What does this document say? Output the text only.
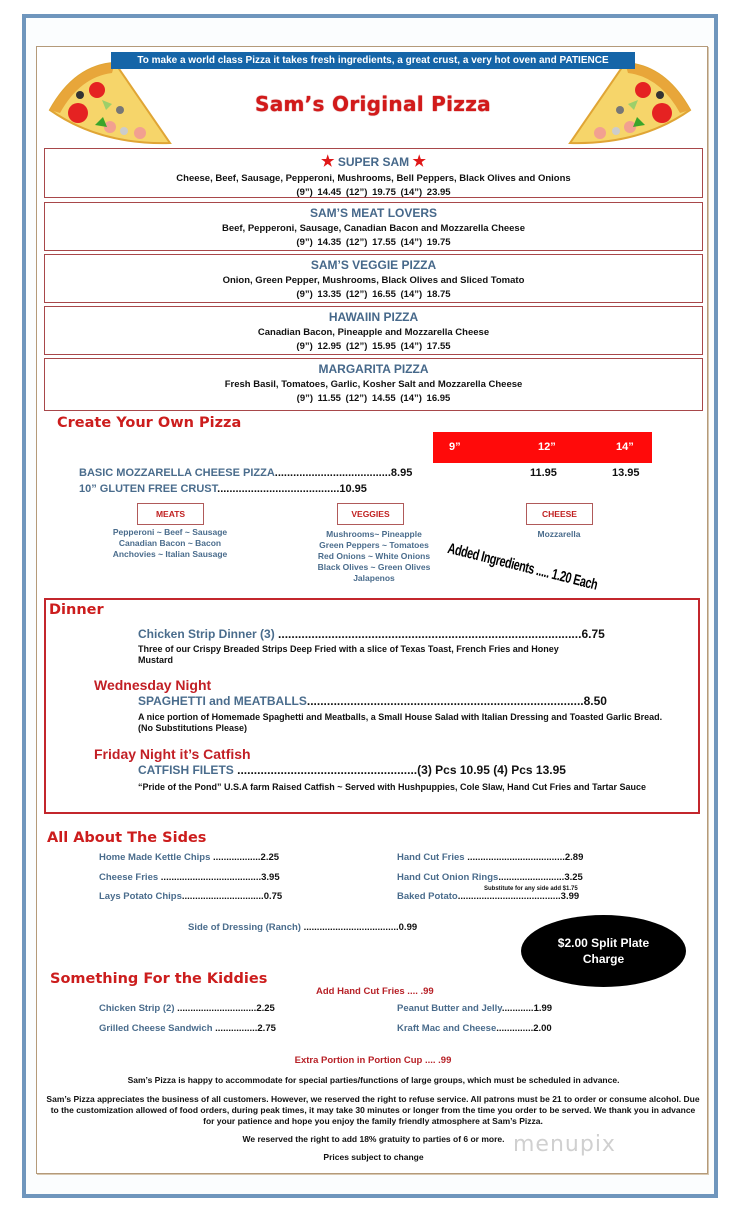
To make a world class Pizza it takes fresh ingredients, a great crust, a very hot oven and PATIENCE
Sam’s Original Pizza
★ SUPER SAM ★
Cheese, Beef, Sausage, Pepperoni, Mushrooms, Bell Peppers, Black Olives and Onions
(9”) 14.45 (12”) 19.75 (14”) 23.95
SAM’S MEAT LOVERS
Beef, Pepperoni, Sausage, Canadian Bacon and Mozzarella Cheese
(9”) 14.35 (12”) 17.55 (14”) 19.75
SAM’S VEGGIE PIZZA
Onion, Green Pepper, Mushrooms, Black Olives and Sliced Tomato
(9”) 13.35 (12”) 16.55 (14”) 18.75
HAWAIIN PIZZA
Canadian Bacon, Pineapple and Mozzarella Cheese
(9”) 12.95 (12”) 15.95 (14”) 17.55
MARGARITA PIZZA
Fresh Basil, Tomatoes, Garlic, Kosher Salt and Mozzarella Cheese
(9”) 11.55 (12”) 14.55 (14”) 16.95
Create Your Own Pizza
9”	12”	14”
BASIC MOZZARELLA CHEESE PIZZA......................................8.95	11.95	13.95
10” GLUTEN FREE CRUST........................................10.95
MEATS
Pepperoni ~ Beef ~ Sausage
Canadian Bacon ~ Bacon
Anchovies ~ Italian Sausage
VEGGIES
Mushrooms~ Pineapple
Green Peppers ~ Tomatoes
Red Onions ~ White Onions
Black Olives ~ Green Olives
Jalapenos
CHEESE
Mozzarella
Added Ingredients ..... 1.20 Each
Dinner
Chicken Strip Dinner (3) ...........................................................................................6.75
Three of our Crispy Breaded Strips Deep Fried with a slice of Texas Toast, French Fries and Honey Mustard
Wednesday Night
SPAGHETTI and MEATBALLS...................................................................................8.50
A nice portion of Homemade Spaghetti and Meatballs, a Small House Salad with Italian Dressing and Toasted Garlic Bread. (No Substitutions Please)
Friday Night it’s Catfish
CATFISH FILETS ......................................................(3) Pcs 10.95 (4) Pcs 13.95
“Pride of the Pond” U.S.A farm Raised Catfish ~ Served with Hushpuppies, Cole Slaw, Hand Cut Fries and Tartar Sauce
All About The Sides
Home Made Kettle Chips ..................2.25
Cheese Fries ......................................3.95
Lays Potato Chips...............................0.75
Hand Cut Fries .....................................2.89
Hand Cut Onion Rings.........................3.25
Baked Potato.......................................3.99
Substitute for any side add $1.75
Side of Dressing (Ranch) ....................................0.99
$2.00 Split Plate Charge
Something For the Kiddies
Add Hand Cut Fries .... .99
Chicken Strip (2) ..............................2.25
Grilled Cheese Sandwich ................2.75
Peanut Butter and Jelly............1.99
Kraft Mac and Cheese..............2.00
Extra Portion in Portion Cup .... .99
Sam’s Pizza is happy to accommodate for special parties/functions of large groups, which must be scheduled in advance.
Sam’s Pizza appreciates the business of all customers. However, we reserved the right to refuse service. All patrons must be 21 to order or consume alcohol. Due to the customization allowed of food orders, during peak times, it may take 30 minutes or longer from the time you order to be served. We thank you in advance for your patience and hope you enjoy the family friendly atmosphere at Sam’s Pizza.
We reserved the right to add 18% gratuity to parties of 6 or more.
Prices subject to change	menupix
